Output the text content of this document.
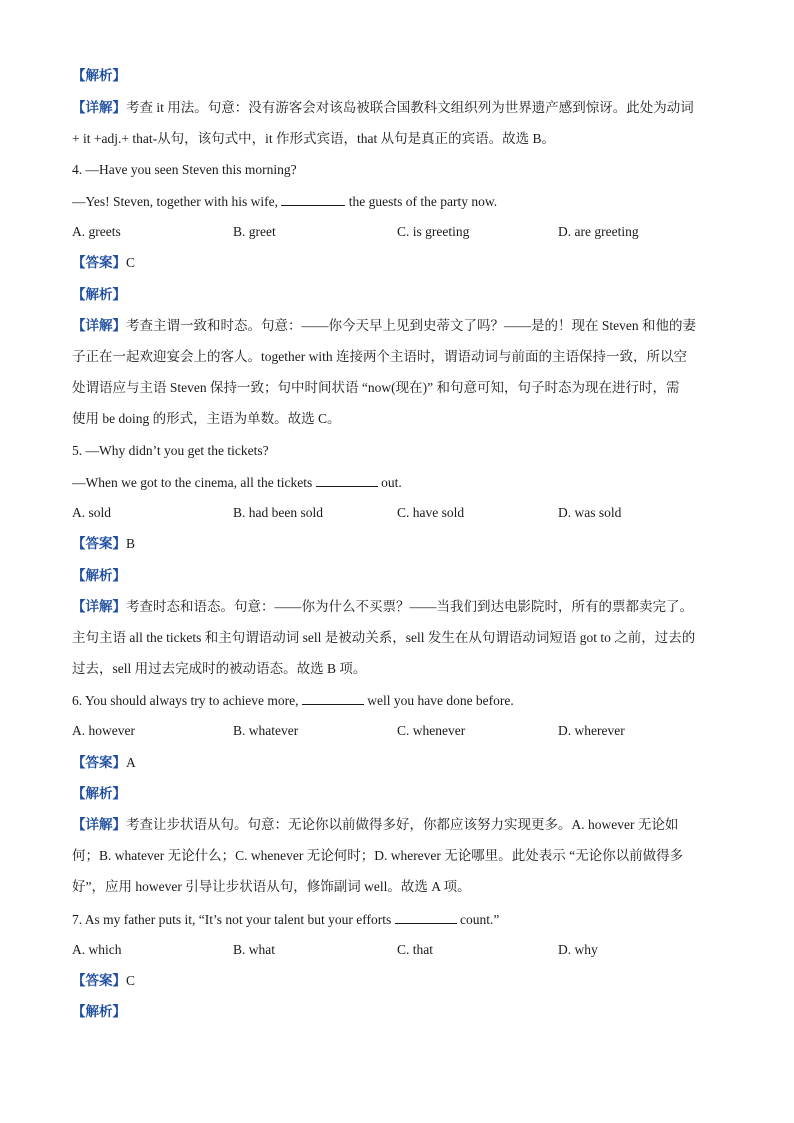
【解析】
【详解】考查 it 用法。句意：没有游客会对该岛被联合国教科文组织列为世界遗产感到惊讶。此处为动词
+ it +adj.+ that-从句，该句式中，it 作形式宾语，that 从句是真正的宾语。故选 B。
4. —Have you seen Steven this morning?
—Yes! Steven, together with his wife,	the guests of the party now.
A. greets	B. greet	C. is greeting	D. are greeting
【答案】C
【解析】
【详解】考查主谓一致和时态。句意：——你今天早上见到史蒂文了吗？——是的！现在 Steven 和他的妻
子正在一起欢迎宴会上的客人。together with 连接两个主语时，谓语动词与前面的主语保持一致，所以空
处谓语应与主语 Steven 保持一致；句中时间状语 “now(现在)” 和句意可知，句子时态为现在进行时，需
使用 be doing 的形式，主语为单数。故选 C。
5. —Why didn’t you get the tickets?
—When we got to the cinema, all the tickets	out.
A. sold	B. had been sold	C. have sold	D. was sold
【答案】B
【解析】
【详解】考查时态和语态。句意：——你为什么不买票？——当我们到达电影院时，所有的票都卖完了。
主句主语 all the tickets 和主句谓语动词 sell 是被动关系，sell 发生在从句谓语动词短语 got to 之前，过去的
过去，sell 用过去完成时的被动语态。故选 B 项。
6. You should always try to achieve more,	well you have done before.
A. however	B. whatever	C. whenever	D. wherever
【答案】A
【解析】
【详解】考查让步状语从句。句意：无论你以前做得多好，你都应该努力实现更多。A. however 无论如
何；B. whatever 无论什么；C. whenever 无论何时；D. wherever 无论哪里。此处表示 “无论你以前做得多
好”，应用 however 引导让步状语从句，修饰副词 well。故选 A 项。
7. As my father puts it, “It’s not your talent but your efforts	count.”
A. which	B. what	C. that	D. why
【答案】C
【解析】
